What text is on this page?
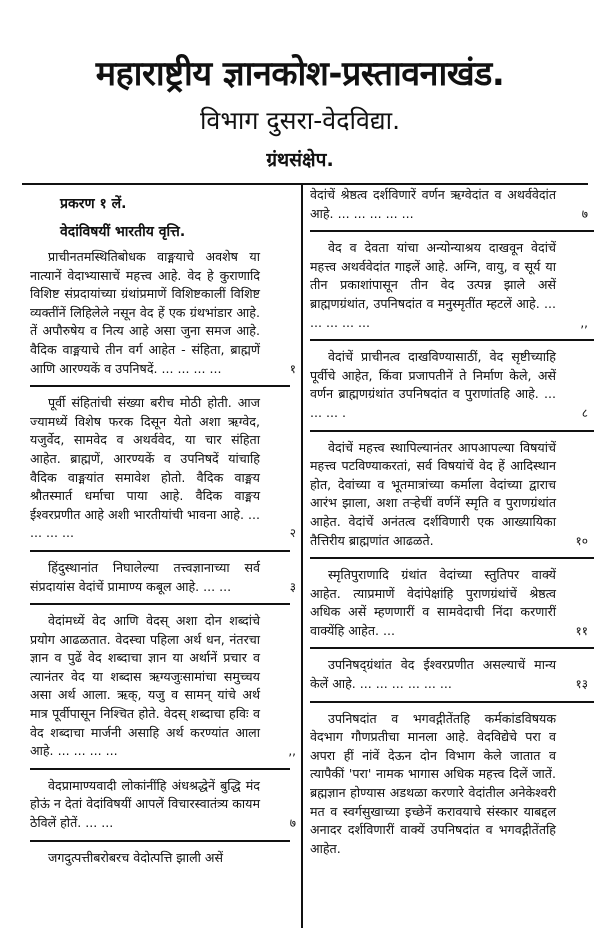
महाराष्ट्रीय ज्ञानकोश-प्रस्तावनाखंड.
विभाग दुसरा-वेदविद्या.
ग्रंथसंक्षेप.
प्रकरण १ लें.
वेदांविषयीं भारतीय वृत्ति.

प्राचीनतमस्थितिबोधक वाङ्मयाचे अवशेष या नात्यानें वेदाभ्यासाचें महत्त्व आहे. वेद हे कुराणादि विशिष्ट संप्रदायांच्या ग्रंथांप्रमाणें विशिष्टकालीं विशिष्ट व्यक्तींनें लिहिलेले नसून वेद हें एक ग्रंथभांडार आहे. तें अपौरुषेय व नित्य आहे असा जुना समज आहे. वैदिक वाङ्मयाचे तीन वर्ग आहेत - संहिता, ब्राह्मणें आणि आरण्यकें व उपनिषदें. ... ... ... ...	१

पूर्वी संहितांची संख्या बरीच मोठी होती. आज ज्यामध्यें विशेष फरक दिसून येतो अशा ऋग्वेद, यजुर्वेद, सामवेद व अथर्ववेद, या चार संहिता आहेत. ब्राह्मणें, आरण्यकें व उपनिषदें यांचाहि वैदिक वाङ्मयांत समावेश होतो. वैदिक वाङ्मय श्रौतस्मार्त धर्माचा पाया आहे. वैदिक वाङ्मय ईश्वरप्रणीत आहे अशी भारतीयांची भावना आहे. ... ... ... ...	२

हिंदुस्थानांत निघालेल्या तत्त्वज्ञानाच्या सर्व संप्रदायांस वेदांचें प्रामाण्य कबूल आहे. ... ...	३

वेदांमध्यें वेद आणि वेदस् अशा दोन शब्दांचे प्रयोग आढळतात. वेदस्चा पहिला अर्थ धन, नंतरचा ज्ञान व पुढें वेद शब्दाचा ज्ञान या अर्थानें प्रचार व त्यानंतर वेद या शब्दास ऋग्यजुःसामांचा समुच्चय असा अर्थ आला. ऋक्, यजु व सामन् यांचे अर्थ मात्र पूर्वीपासून निश्चित होते. वेदस् शब्दाचा हविः व वेद शब्दाचा मार्जनी असाहि अर्थ करण्यांत आला आहे. ... ... ... ...	,,

वेदप्रामाण्यवादी लोकांनींहि अंधश्रद्धेनें बुद्धि मंद होऊं न देतां वेदांविषयीं आपलें विचारस्वातंत्र्य कायम ठेविलें होतें. ... ...	७

जगदुत्पत्तीबरोबरच वेदोत्पत्ति झाली असें

वेदांचें श्रेष्ठत्व दर्शविणारें वर्णन ऋग्वेदांत व अथर्ववेदांत आहे. ... ... ... ... ...	७

वेद व देवता यांचा अन्योन्याश्रय दाखवून वेदांचें महत्त्व अथर्ववेदांत गाइलें आहे. अग्नि, वायु, व सूर्य या तीन प्रकाशांपासून तीन वेद उत्पन्न झाले असें ब्राह्मणग्रंथांत, उपनिषदांत व मनुस्मृतींत म्हटलें आहे. ... ... ... ... ...	,,

वेदांचें प्राचीनत्व दाखविण्यासाठीं, वेद सृष्टीच्याहि पूर्वीचे आहेत, किंवा प्रजापतीनें ते निर्माण केले, असें वर्णन ब्राह्मणग्रंथांत उपनिषदांत व पुराणांतहि आहे. ... ... ... .	८

वेदांचें महत्त्व स्थापिल्यानंतर आपआपल्या विषयांचें महत्त्व पटविण्याकरतां, सर्व विषयांचें वेद हें आदिस्थान होत, देवांच्या व भूतमात्रांच्या कर्माला वेदांच्या द्वाराच आरंभ झाला, अशा तऱ्हेचीं वर्णनें स्मृति व पुराणग्रंथांत आहेत. वेदांचें अनंतत्व दर्शविणारी एक आख्यायिका तैत्तिरीय ब्राह्मणांत आढळते.	१०

स्मृतिपुराणादि ग्रंथांत वेदांच्या स्तुतिपर वाक्यें आहेत. त्याप्रमाणें वेदांपेक्षांहि पुराणग्रंथांचें श्रेष्ठत्व अधिक असें म्हणणारीं व सामवेदाची निंदा करणारीं वाक्येंहि आहेत. ...	११

उपनिषद्ग्रंथांत वेद ईश्वरप्रणीत असल्याचें मान्य केलें आहे. ... ... ... ... ... ...	१३

उपनिषदांत व भगवद्गीतेंतहि कर्मकांडविषयक वेदभाग गौणप्रतीचा मानला आहे. वेदविद्येचे परा व अपरा हीं नांवें देऊन दोन विभाग केले जातात व त्यापैकीं 'परा' नामक भागास अधिक महत्त्व दिलें जातें. ब्रह्मज्ञान होण्यास अडथळा करणारे वेदांतील अनेकेश्वरी मत व स्वर्गसुखाच्या इच्छेनें करावयाचे संस्कार याबद्दल अनादर दर्शविणारीं वाक्यें उपनिषदांत व भगवद्गीतेंतहि आहेत.
